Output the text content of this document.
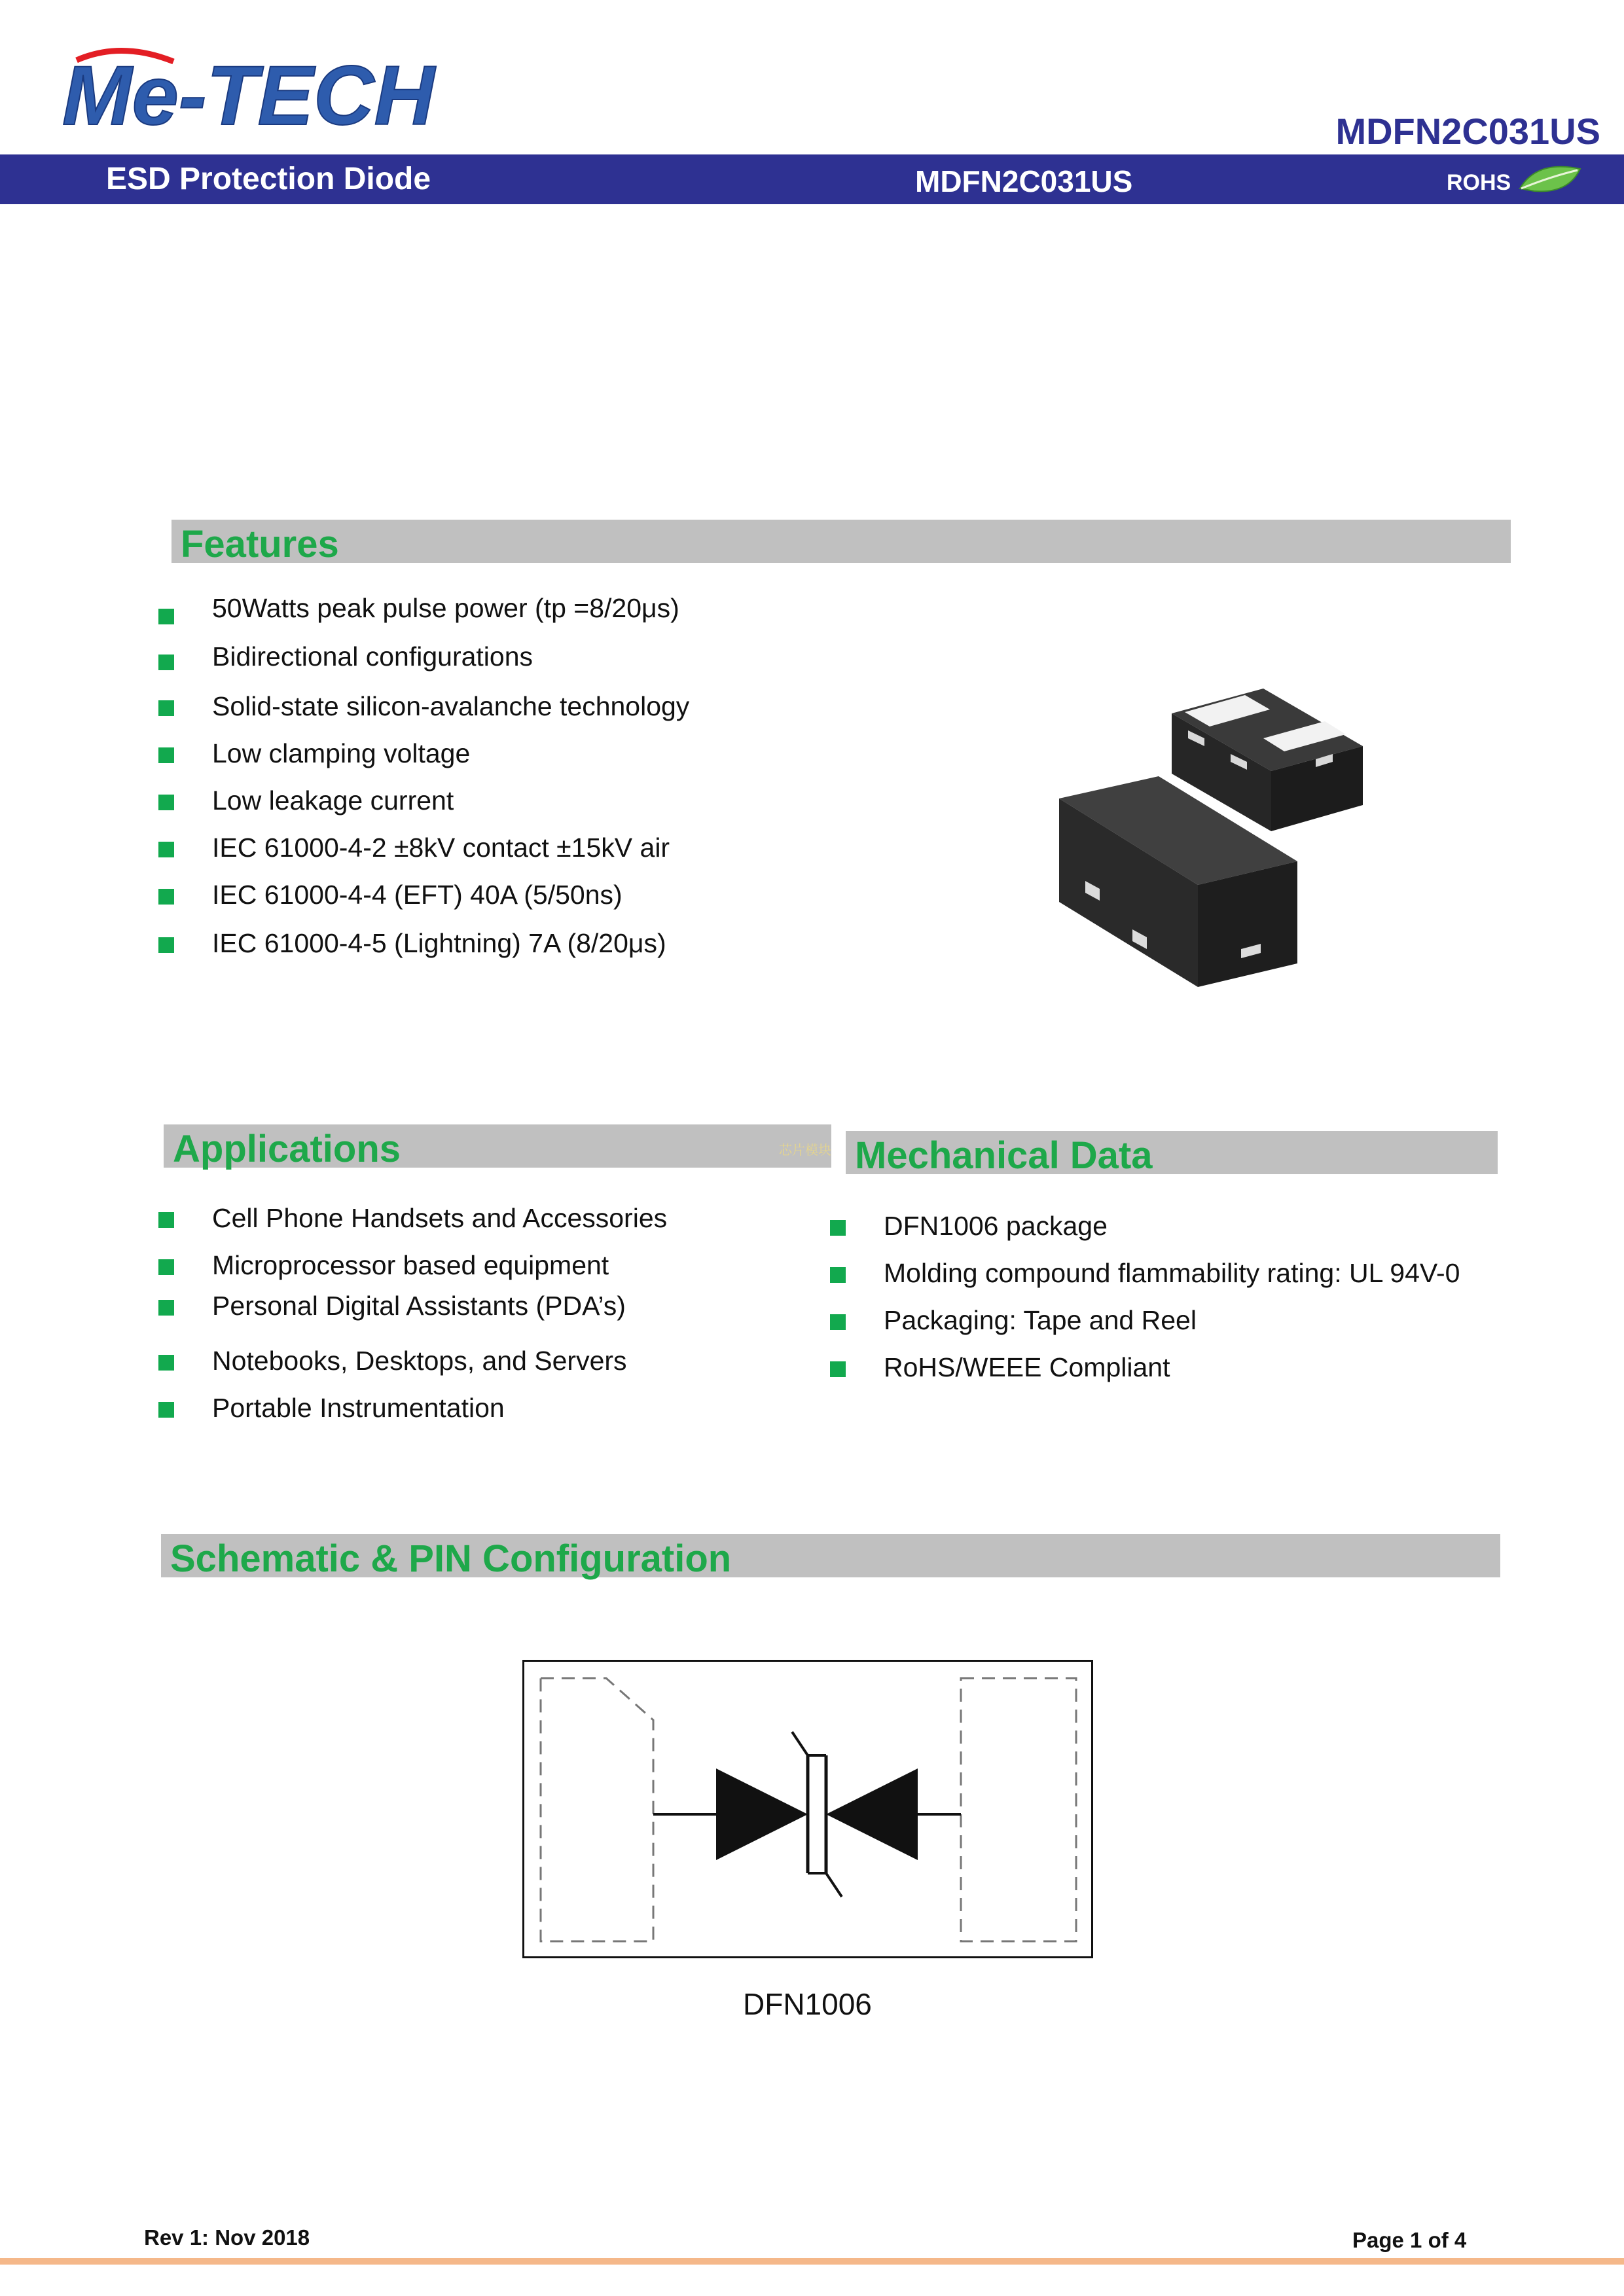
Me-TECH	MDFN2C031US
ESD Protection Diode	MDFN2C031US	ROHS
Features
50Watts peak pulse power (tp =8/20μs)
Bidirectional configurations
Solid-state silicon-avalanche technology
Low clamping voltage
Low leakage current
IEC 61000-4-2 ±8kV contact ±15kV air
IEC 61000-4-4 (EFT) 40A (5/50ns)
IEC 61000-4-5 (Lightning) 7A (8/20μs)
Applications	芯片模块
Cell Phone Handsets and Accessories
Microprocessor based equipment
Personal Digital Assistants (PDA’s)
Notebooks, Desktops, and Servers
Portable Instrumentation
Mechanical Data
DFN1006 package
Molding compound flammability rating: UL 94V-0
Packaging: Tape and Reel
RoHS/WEEE Compliant
Schematic & PIN Configuration
DFN1006
Rev 1: Nov 2018	Page 1 of 4
